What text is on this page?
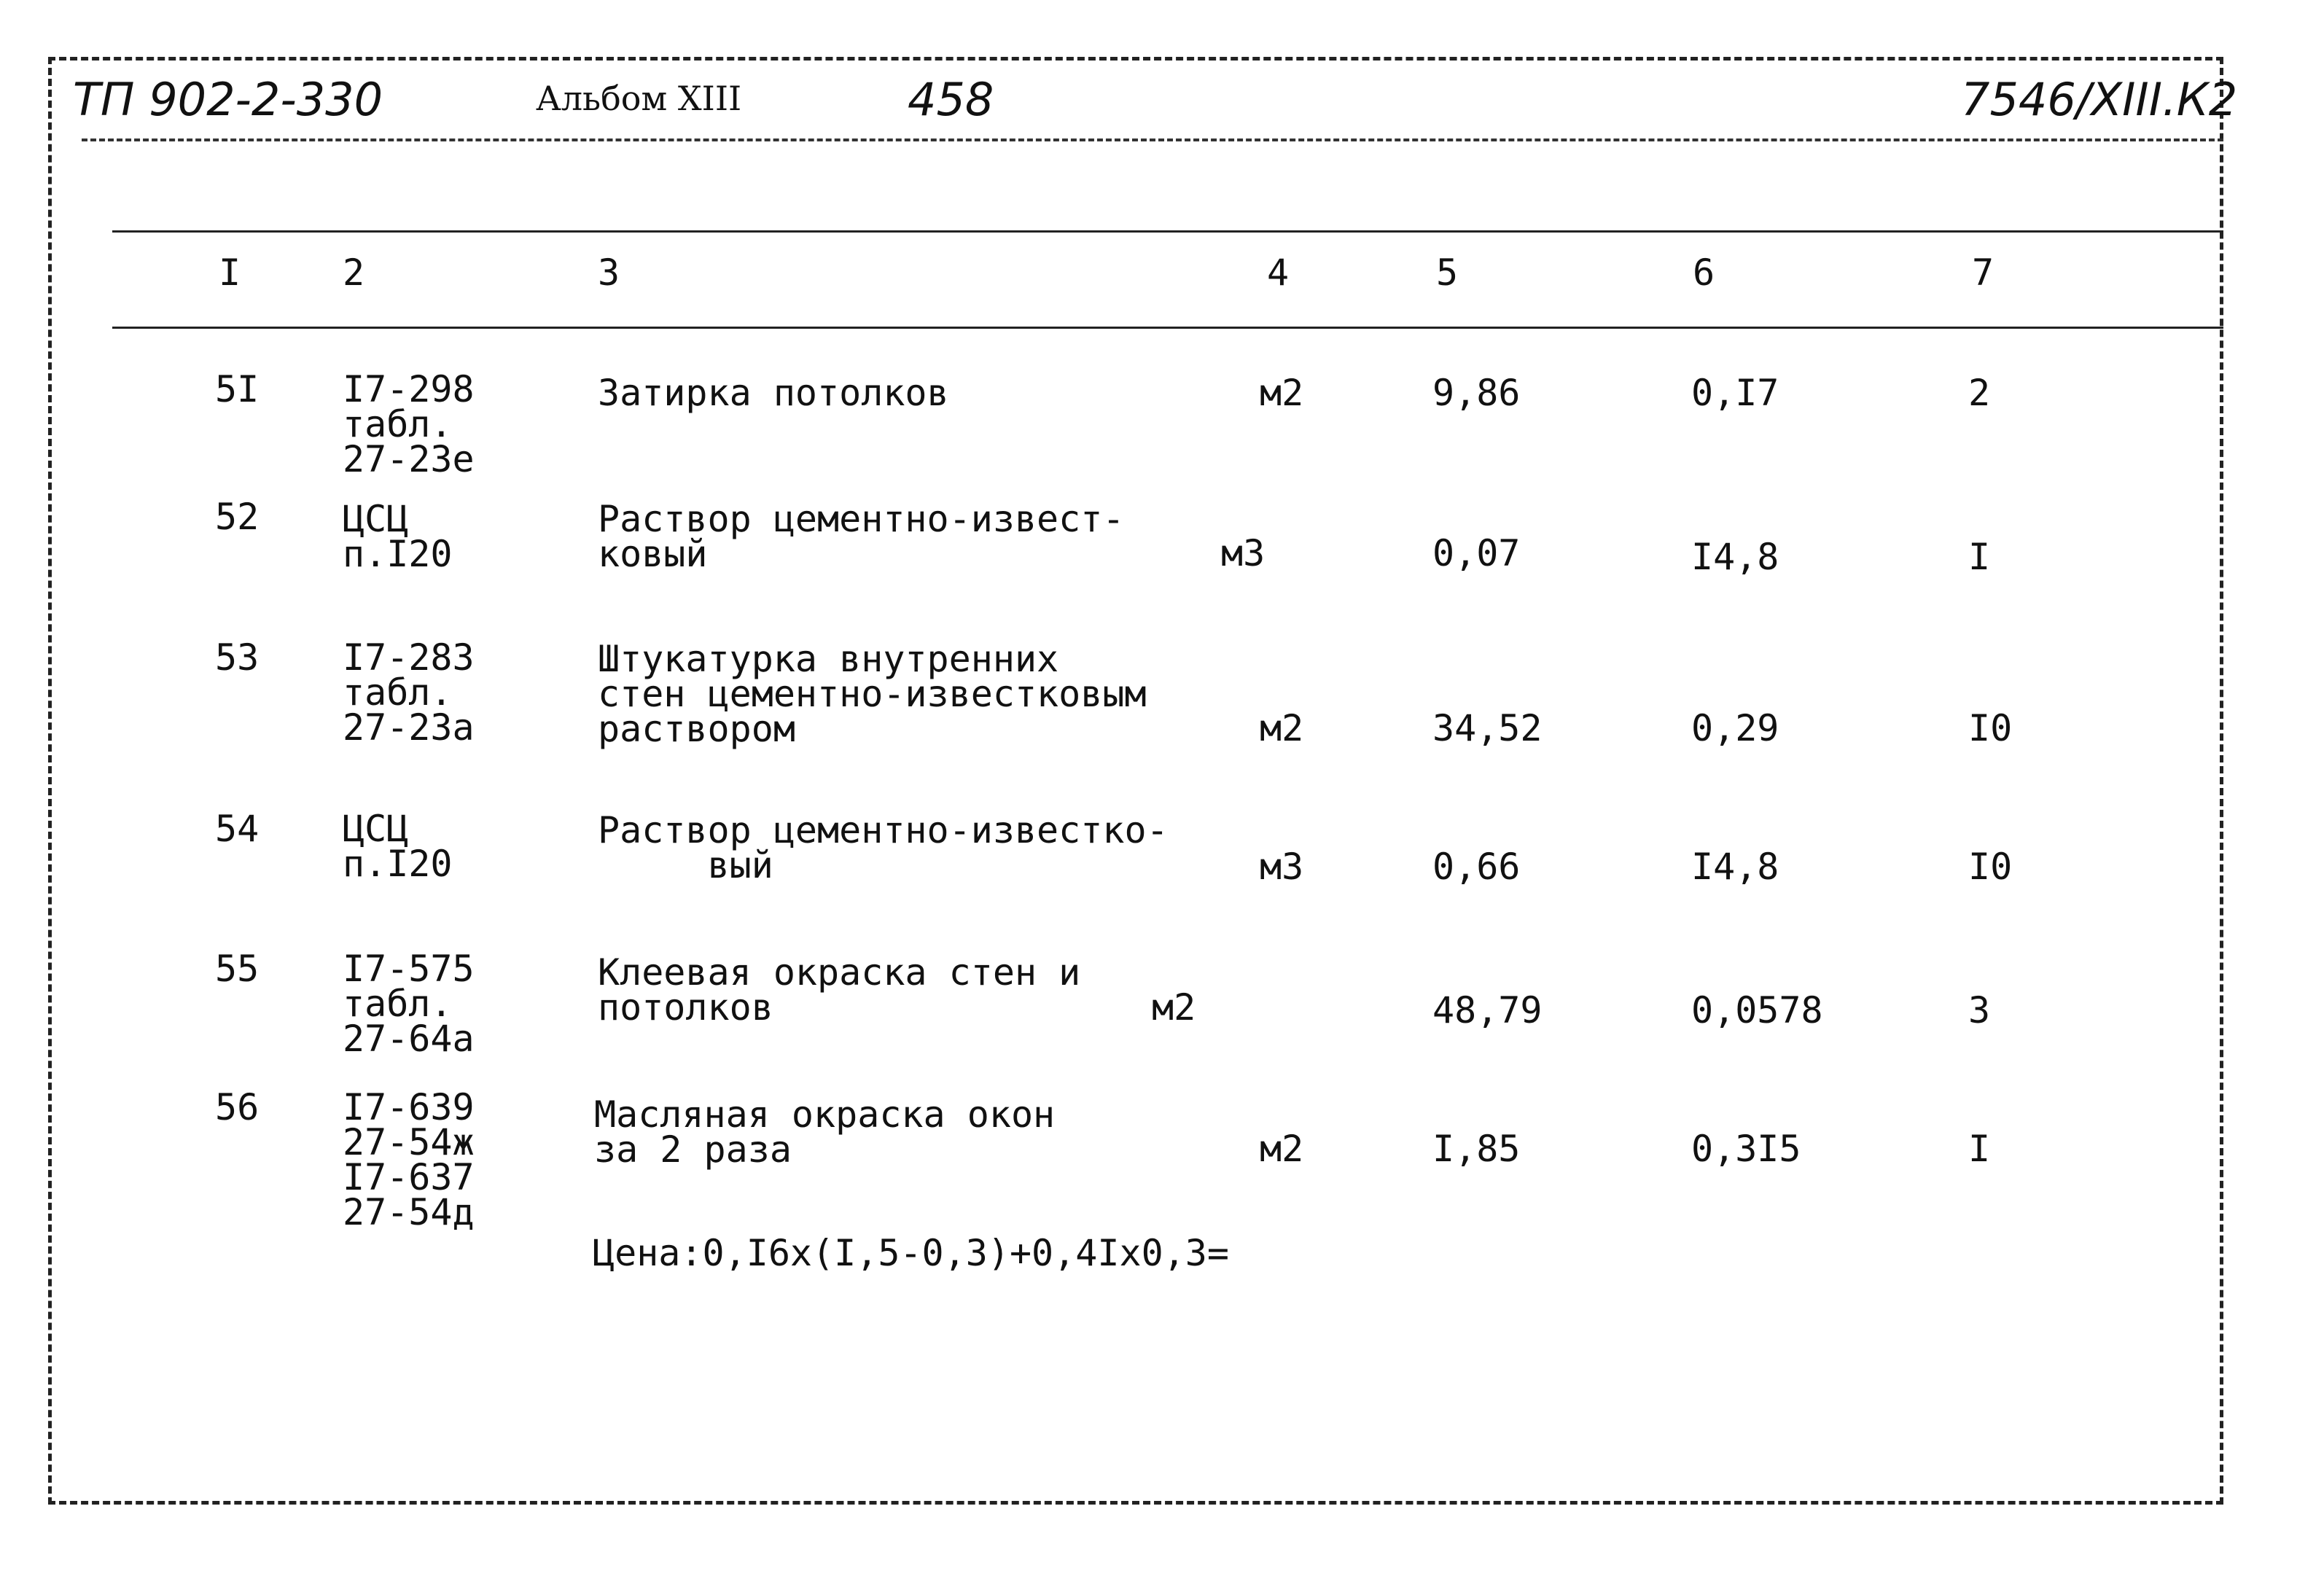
ТП 902-2-330	Альбом XIII	458	7546/XIII.К2
I	2	3	4	5	6	7
5I I7-298
табл.
27-23е
Затирка потолков	м2	9,86	0,I7	2
52 ЦСЦ
п.I20
Раствор цементно-извест-
ковый	м3	0,07	I4,8	I
53 I7-283
табл.
27-23а
Штукатурка внутренних
стен цементно-известковым
раствором	м2	34,52	0,29	I0
54 ЦСЦ
п.I20
Раствор цементно-известко-
вый	м3	0,66	I4,8	I0
55 I7-575
табл.
27-64а
Клеевая окраска стен и
потолков	м2	48,79	0,0578	3
56 I7-639
27-54ж
I7-637
27-54д
Масляная окраска окон
за 2 раза	м2	I,85	0,3I5	I
Цена:0,I6x(I,5-0,3)+0,4Ix0,3=
